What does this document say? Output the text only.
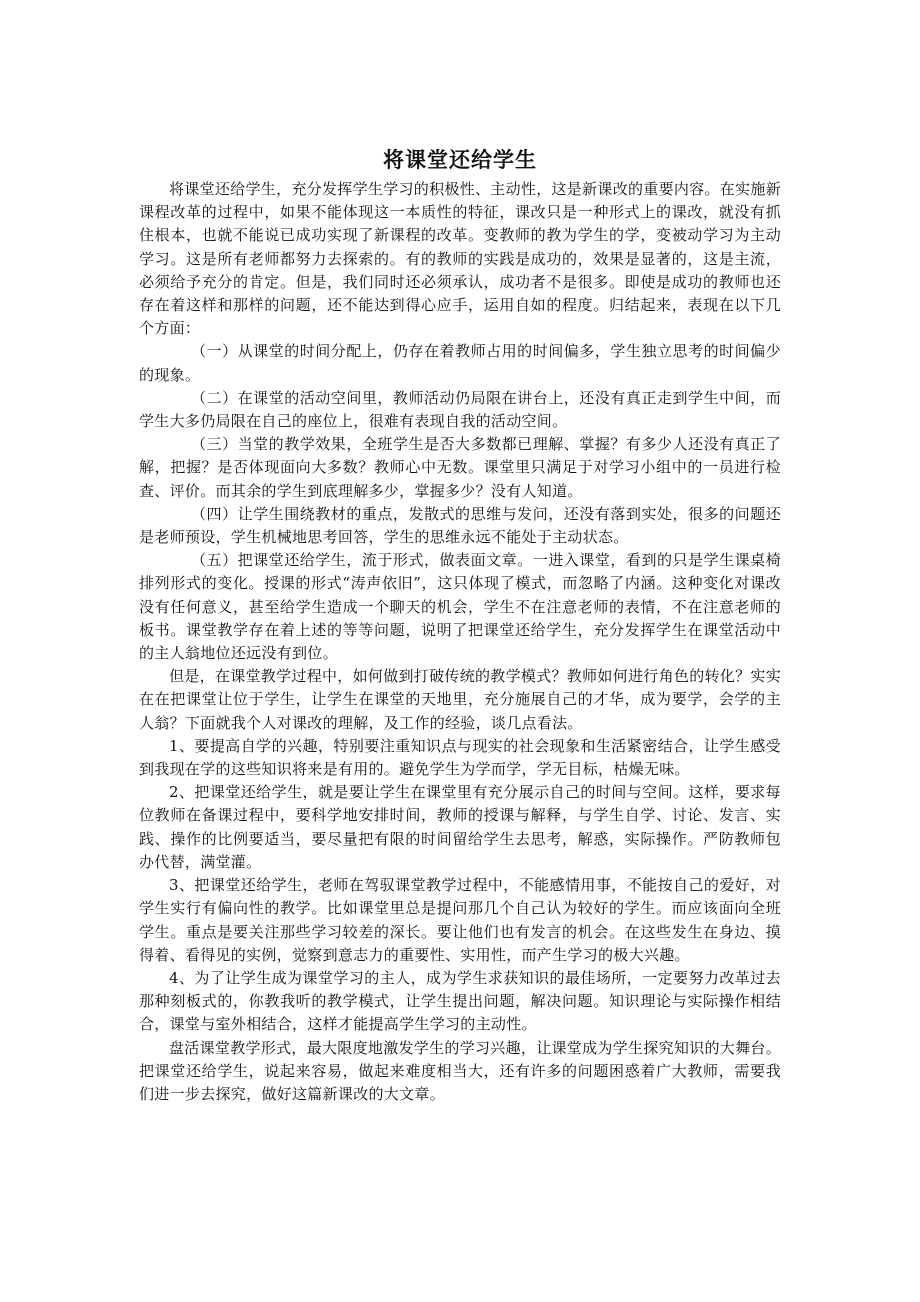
将课堂还给学生

将课堂还给学生，充分发挥学生学习的积极性、主动性，这是新课改的重要内容。在实施新课程改革的过程中，如果不能体现这一本质性的特征，课改只是一种形式上的课改，就没有抓住根本，也就不能说已成功实现了新课程的改革。变教师的教为学生的学，变被动学习为主动学习。这是所有老师都努力去探索的。有的教师的实践是成功的，效果是显著的，这是主流，必须给予充分的肯定。但是，我们同时还必须承认，成功者不是很多。即使是成功的教师也还存在着这样和那样的问题，还不能达到得心应手，运用自如的程度。归结起来，表现在以下几个方面：

（一）从课堂的时间分配上，仍存在着教师占用的时间偏多，学生独立思考的时间偏少的现象。

（二）在课堂的活动空间里，教师活动仍局限在讲台上，还没有真正走到学生中间，而学生大多仍局限在自己的座位上，很难有表现自我的活动空间。

（三）当堂的教学效果，全班学生是否大多数都已理解、掌握？有多少人还没有真正了解，把握？是否体现面向大多数？教师心中无数。课堂里只满足于对学习小组中的一员进行检查、评价。而其余的学生到底理解多少，掌握多少？没有人知道。

（四）让学生围绕教材的重点，发散式的思维与发问，还没有落到实处，很多的问题还是老师预设，学生机械地思考回答，学生的思维永远不能处于主动状态。

（五）把课堂还给学生，流于形式，做表面文章。一进入课堂，看到的只是学生课桌椅排列形式的变化。授课的形式“涛声依旧”，这只体现了模式，而忽略了内涵。这种变化对课改没有任何意义，甚至给学生造成一个聊天的机会，学生不在注意老师的表情，不在注意老师的板书。课堂教学存在着上述的等等问题，说明了把课堂还给学生，充分发挥学生在课堂活动中的主人翁地位还远没有到位。

但是，在课堂教学过程中，如何做到打破传统的教学模式？教师如何进行角色的转化？实实在在把课堂让位于学生，让学生在课堂的天地里，充分施展自己的才华，成为要学，会学的主人翁？下面就我个人对课改的理解，及工作的经验，谈几点看法。

1、要提高自学的兴趣，特别要注重知识点与现实的社会现象和生活紧密结合，让学生感受到我现在学的这些知识将来是有用的。避免学生为学而学，学无目标，枯燥无味。

2、把课堂还给学生，就是要让学生在课堂里有充分展示自己的时间与空间。这样，要求每位教师在备课过程中，要科学地安排时间，教师的授课与解释，与学生自学、讨论、发言、实践、操作的比例要适当，要尽量把有限的时间留给学生去思考，解惑，实际操作。严防教师包办代替，满堂灌。

3、把课堂还给学生，老师在驾驭课堂教学过程中，不能感情用事，不能按自己的爱好，对学生实行有偏向性的教学。比如课堂里总是提问那几个自己认为较好的学生。而应该面向全班学生。重点是要关注那些学习较差的深长。要让他们也有发言的机会。在这些发生在身边、摸得着、看得见的实例，觉察到意志力的重要性、实用性，而产生学习的极大兴趣。

4、为了让学生成为课堂学习的主人，成为学生求获知识的最佳场所，一定要努力改革过去那种刻板式的，你教我听的教学模式，让学生提出问题，解决问题。知识理论与实际操作相结合，课堂与室外相结合，这样才能提高学生学习的主动性。

盘活课堂教学形式，最大限度地激发学生的学习兴趣，让课堂成为学生探究知识的大舞台。把课堂还给学生，说起来容易，做起来难度相当大，还有许多的问题困惑着广大教师，需要我们进一步去探究，做好这篇新课改的大文章。
